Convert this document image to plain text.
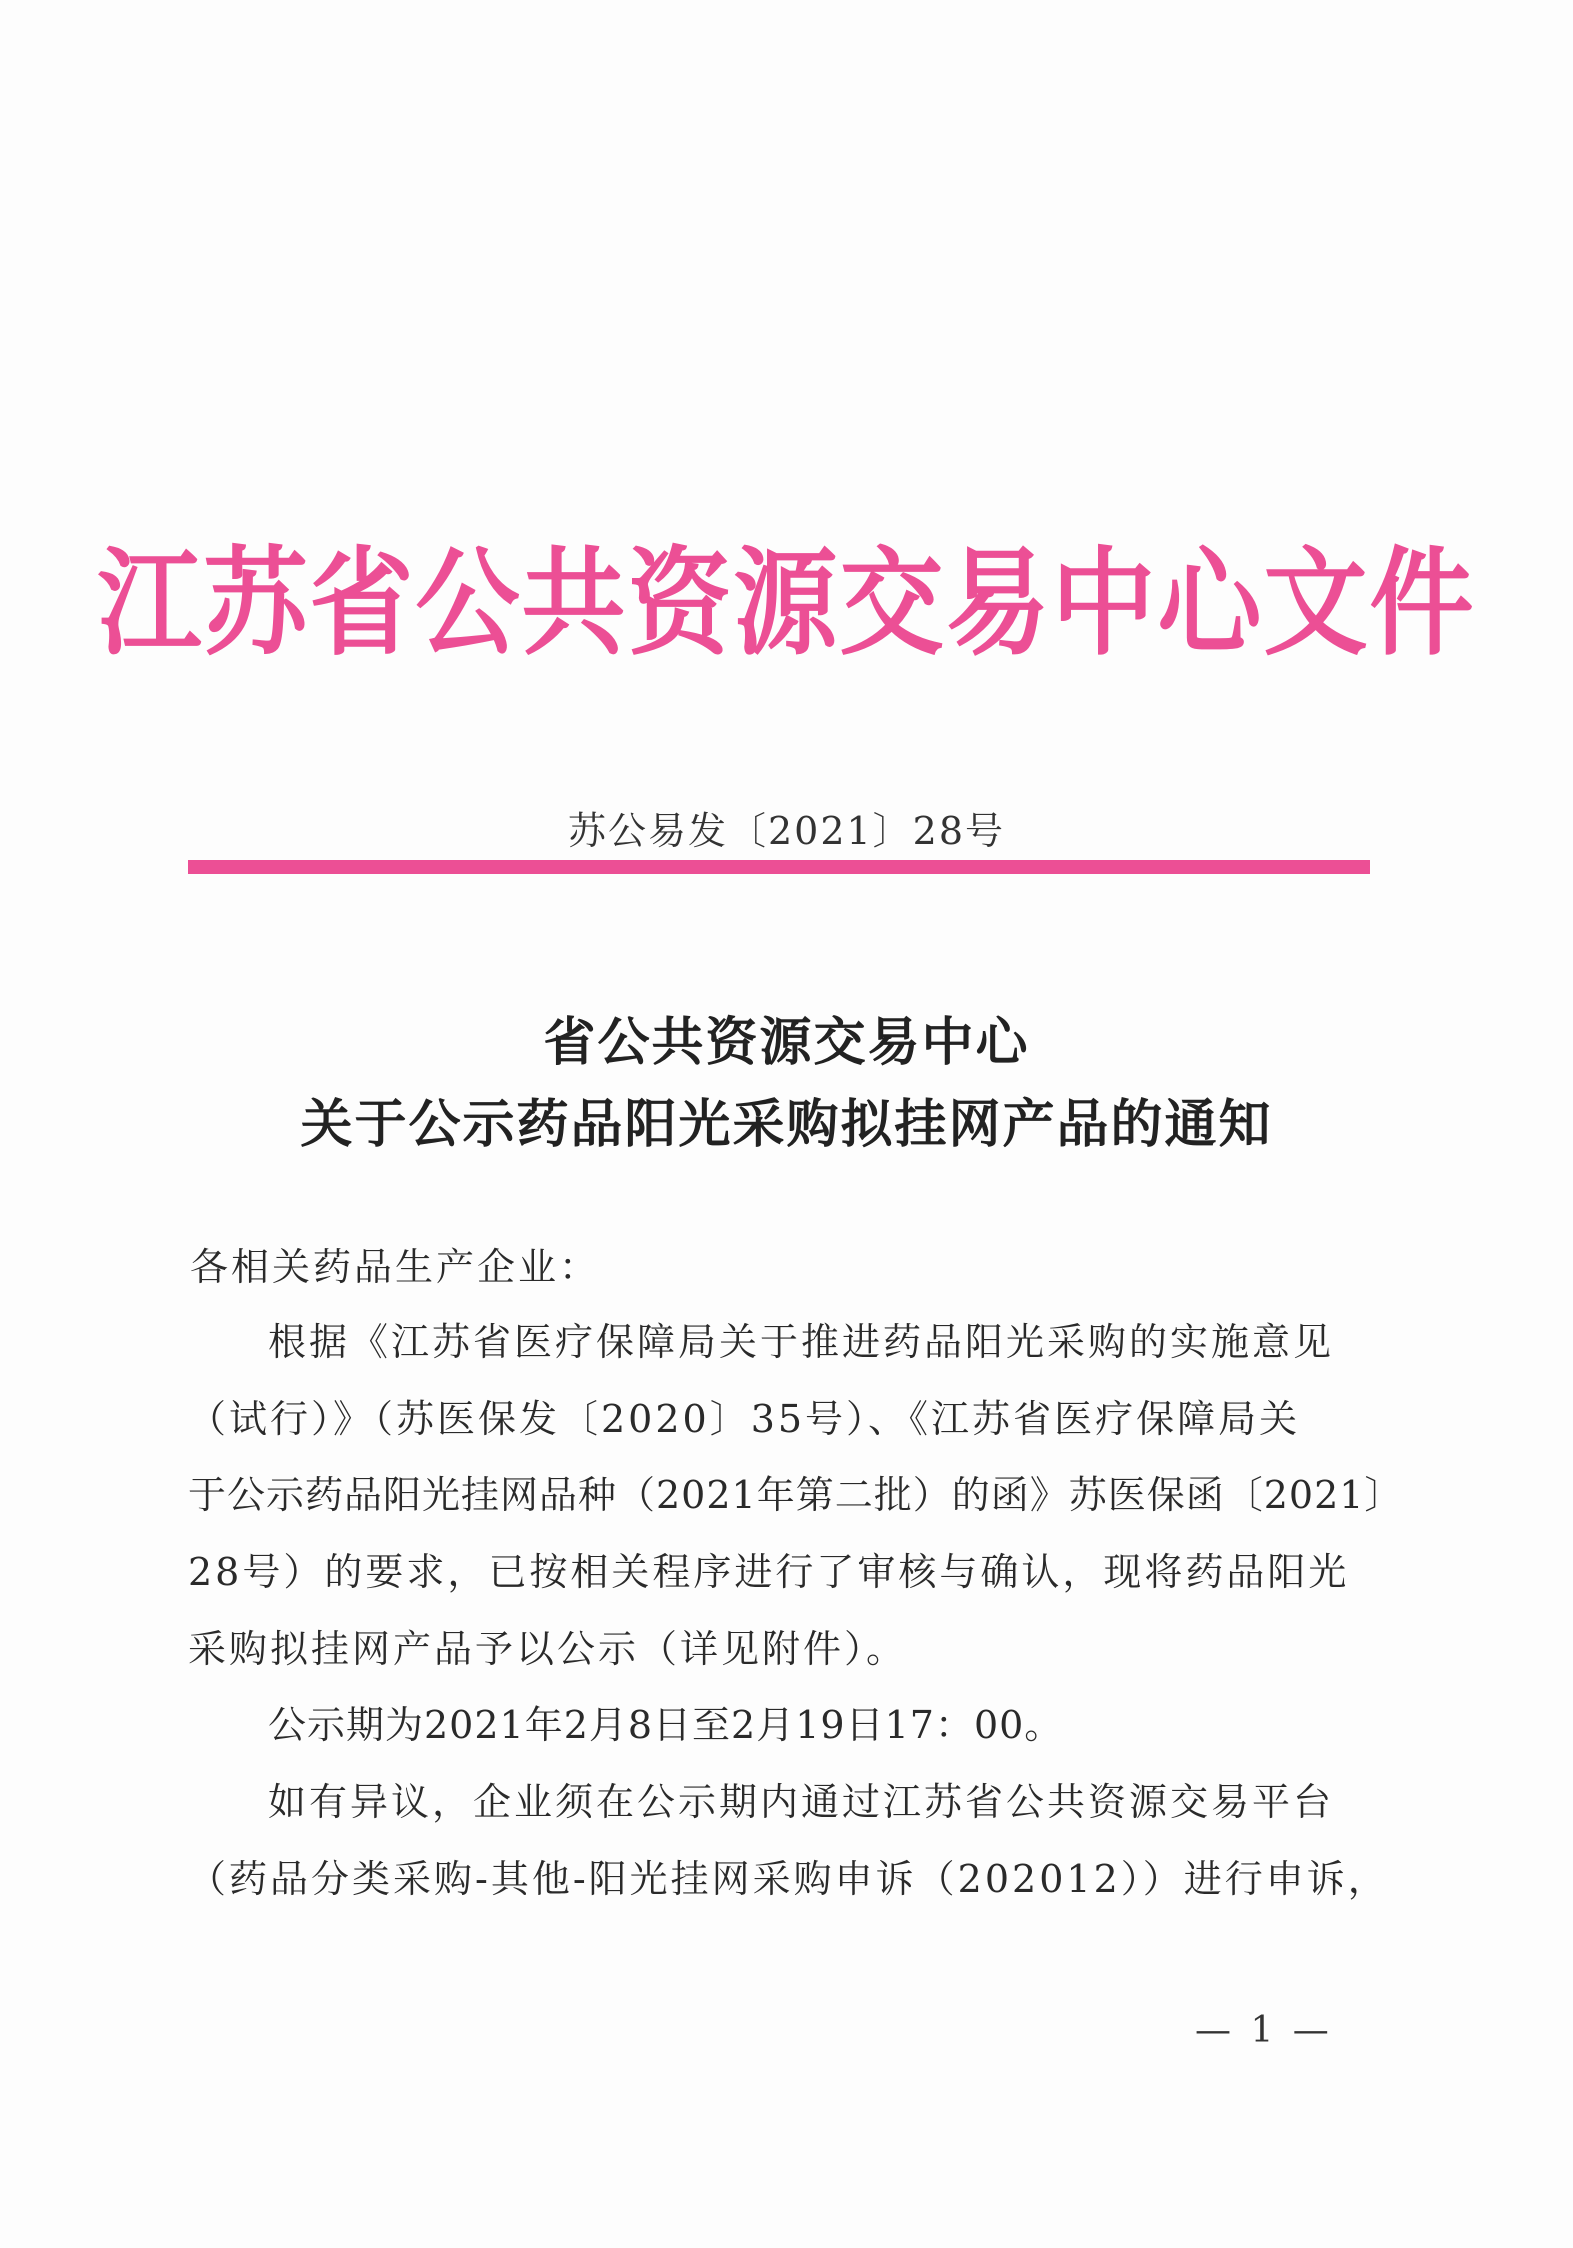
江苏省公共资源交易中心文件
苏公易发〔2021〕28号
省公共资源交易中心
关于公示药品阳光采购拟挂网产品的通知
各相关药品生产企业：
根据《江苏省医疗保障局关于推进药品阳光采购的实施意见
（试行）》（苏医保发〔2020〕35号）、《江苏省医疗保障局关
于公示药品阳光挂网品种（2021年第二批）的函》苏医保函〔2021〕
28号）的要求，已按相关程序进行了审核与确认，现将药品阳光
采购拟挂网产品予以公示（详见附件）。
公示期为2021年2月8日至2月19日17：00。
如有异议，企业须在公示期内通过江苏省公共资源交易平台
（药品分类采购-其他-阳光挂网采购申诉（202012））进行申诉，
— 1 —
